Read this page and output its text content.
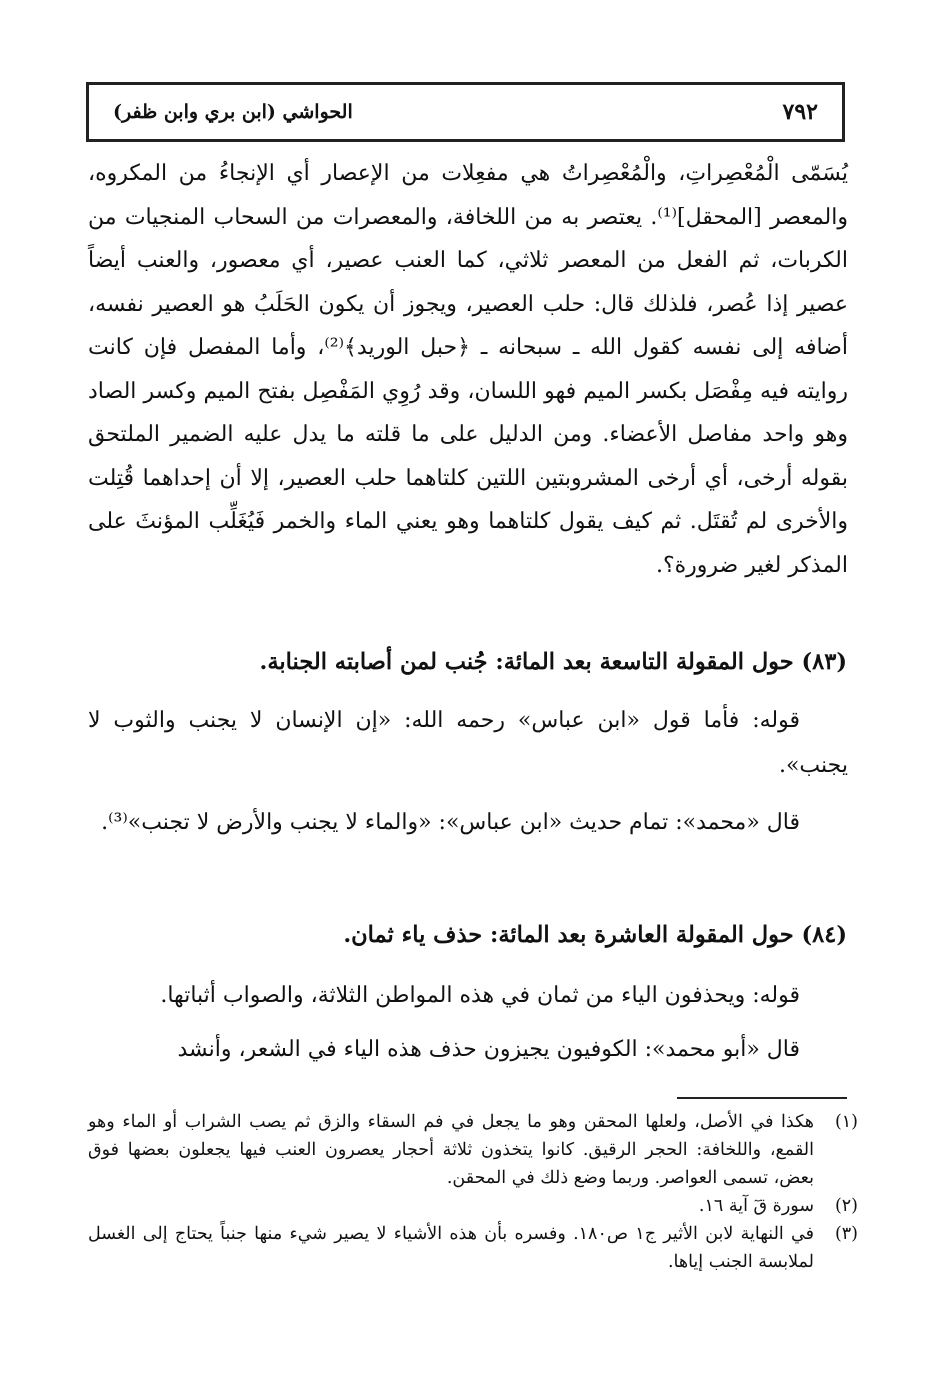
٧٩٢
الحواشي (ابن بري وابن ظفر)

يُسَمّى الْمُعْصِراتِ، والْمُعْصِراتُ هي مفعِلات من الإعصار أي الإنجاءُ من المكروه، والمعصر [المحقل]⁽¹⁾. يعتصر به من اللخافة، والمعصرات من السحاب المنجيات من الكربات، ثم الفعل من المعصر ثلاثي، كما العنب عصير، أي معصور، والعنب أيضاً عصير إذا عُصر، فلذلك قال: حلب العصير، ويجوز أن يكون الحَلَبُ هو العصير نفسه، أضافه إلى نفسه كقول الله ـ سبحانه ـ ﴿حبل الوريد﴾⁽²⁾، وأما المفصل فإن كانت روايته فيه مِفْصَل بكسر الميم فهو اللسان، وقد رُوِي المَفْصِل بفتح الميم وكسر الصاد وهو واحد مفاصل الأعضاء. ومن الدليل على ما قلته ما يدل عليه الضمير الملتحق بقوله أرخى، أي أرخى المشروبتين اللتين كلتاهما حلب العصير، إلا أن إحداهما قُتِلت والأخرى لم تُقتَل. ثم كيف يقول كلتاهما وهو يعني الماء والخمر فَيُغَلِّب المؤنثَ على المذكر لغير ضرورة؟.

(٨٣) حول المقولة التاسعة بعد المائة: جُنب لمن أصابته الجنابة.
قوله: فأما قول «ابن عباس» رحمه الله: «إن الإنسان لا يجنب والثوب لا يجنب».
قال «محمد»: تمام حديث «ابن عباس»: «والماء لا يجنب والأرض لا تجنب»⁽³⁾.
(٨٤) حول المقولة العاشرة بعد المائة: حذف ياء ثمان.
قوله: ويحذفون الياء من ثمان في هذه المواطن الثلاثة، والصواب أثباتها.
قال «أبو محمد»: الكوفيون يجيزون حذف هذه الياء في الشعر، وأنشد
(١)
هكذا في الأصل، ولعلها المحقن وهو ما يجعل في فم السقاء والزق ثم يصب الشراب أو الماء وهو القمع، واللخافة: الحجر الرقيق. كانوا يتخذون ثلاثة أحجار يعصرون العنب فيها يجعلون بعضها فوق بعض، تسمى العواصر. وربما وضع ذلك في المحقن.
(٢)
سورة قٓ آية ١٦.
(٣)
في النهاية لابن الأثير ج١ ص١٨٠. وفسره بأن هذه الأشياء لا يصير شيء منها جنباً يحتاج إلى الغسل لملابسة الجنب إياها.
